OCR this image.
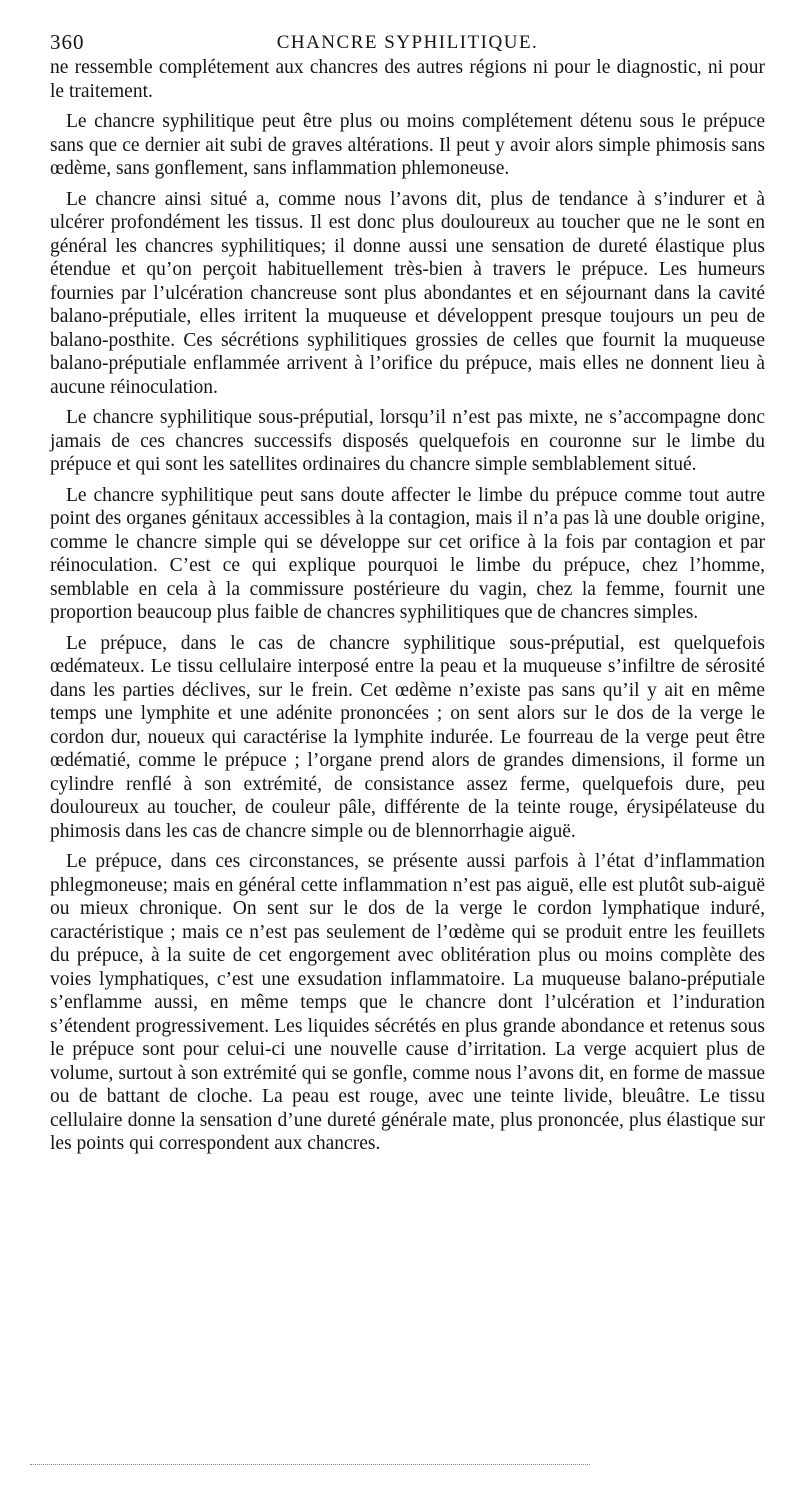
360	CHANCRE SYPHILITIQUE.

ne ressemble complétement aux chancres des autres régions ni pour le diagnostic, ni pour le traitement.

Le chancre syphilitique peut être plus ou moins complétement détenu sous le prépuce sans que ce dernier ait subi de graves altérations. Il peut y avoir alors simple phimosis sans œdème, sans gonflement, sans inflammation phlemoneuse.

Le chancre ainsi situé a, comme nous l’avons dit, plus de tendance à s’indurer et à ulcérer profondément les tissus. Il est donc plus douloureux au toucher que ne le sont en général les chancres syphilitiques; il donne aussi une sensation de dureté élastique plus étendue et qu’on perçoit habituellement très-bien à travers le prépuce. Les humeurs fournies par l’ulcération chancreuse sont plus abondantes et en séjournant dans la cavité balano-préputiale, elles irritent la muqueuse et développent presque toujours un peu de balano-posthite. Ces sécrétions syphilitiques grossies de celles que fournit la muqueuse balano-préputiale enflammée arrivent à l’orifice du prépuce, mais elles ne donnent lieu à aucune réinoculation.

Le chancre syphilitique sous-préputial, lorsqu’il n’est pas mixte, ne s’accompagne donc jamais de ces chancres successifs disposés quelquefois en couronne sur le limbe du prépuce et qui sont les satellites ordinaires du chancre simple semblablement situé.

Le chancre syphilitique peut sans doute affecter le limbe du prépuce comme tout autre point des organes génitaux accessibles à la contagion, mais il n’a pas là une double origine, comme le chancre simple qui se développe sur cet orifice à la fois par contagion et par réinoculation. C’est ce qui explique pourquoi le limbe du prépuce, chez l’homme, semblable en cela à la commissure postérieure du vagin, chez la femme, fournit une proportion beaucoup plus faible de chancres syphilitiques que de chancres simples.

Le prépuce, dans le cas de chancre syphilitique sous-préputial, est quelquefois œdémateux. Le tissu cellulaire interposé entre la peau et la muqueuse s’infiltre de sérosité dans les parties déclives, sur le frein. Cet œdème n’existe pas sans qu’il y ait en même temps une lymphite et une adénite prononcées ; on sent alors sur le dos de la verge le cordon dur, noueux qui caractérise la lymphite indurée. Le fourreau de la verge peut être œdématié, comme le prépuce ; l’organe prend alors de grandes dimensions, il forme un cylindre renflé à son extrémité, de consistance assez ferme, quelquefois dure, peu douloureux au toucher, de couleur pâle, différente de la teinte rouge, érysipélateuse du phimosis dans les cas de chancre simple ou de blennorrhagie aiguë.

Le prépuce, dans ces circonstances, se présente aussi parfois à l’état d’inflammation phlegmoneuse; mais en général cette inflammation n’est pas aiguë, elle est plutôt sub-aiguë ou mieux chronique. On sent sur le dos de la verge le cordon lymphatique induré, caractéristique ; mais ce n’est pas seulement de l’œdème qui se produit entre les feuillets du prépuce, à la suite de cet engorgement avec oblitération plus ou moins complète des voies lymphatiques, c’est une exsudation inflammatoire. La muqueuse balano-préputiale s’enflamme aussi, en même temps que le chancre dont l’ulcération et l’induration s’étendent progressivement. Les liquides sécrétés en plus grande abondance et retenus sous le prépuce sont pour celui-ci une nouvelle cause d’irritation. La verge acquiert plus de volume, surtout à son extrémité qui se gonfle, comme nous l’avons dit, en forme de massue ou de battant de cloche. La peau est rouge, avec une teinte livide, bleuâtre. Le tissu cellulaire donne la sensation d’une dureté générale mate, plus prononcée, plus élastique sur les points qui correspondent aux chancres.
